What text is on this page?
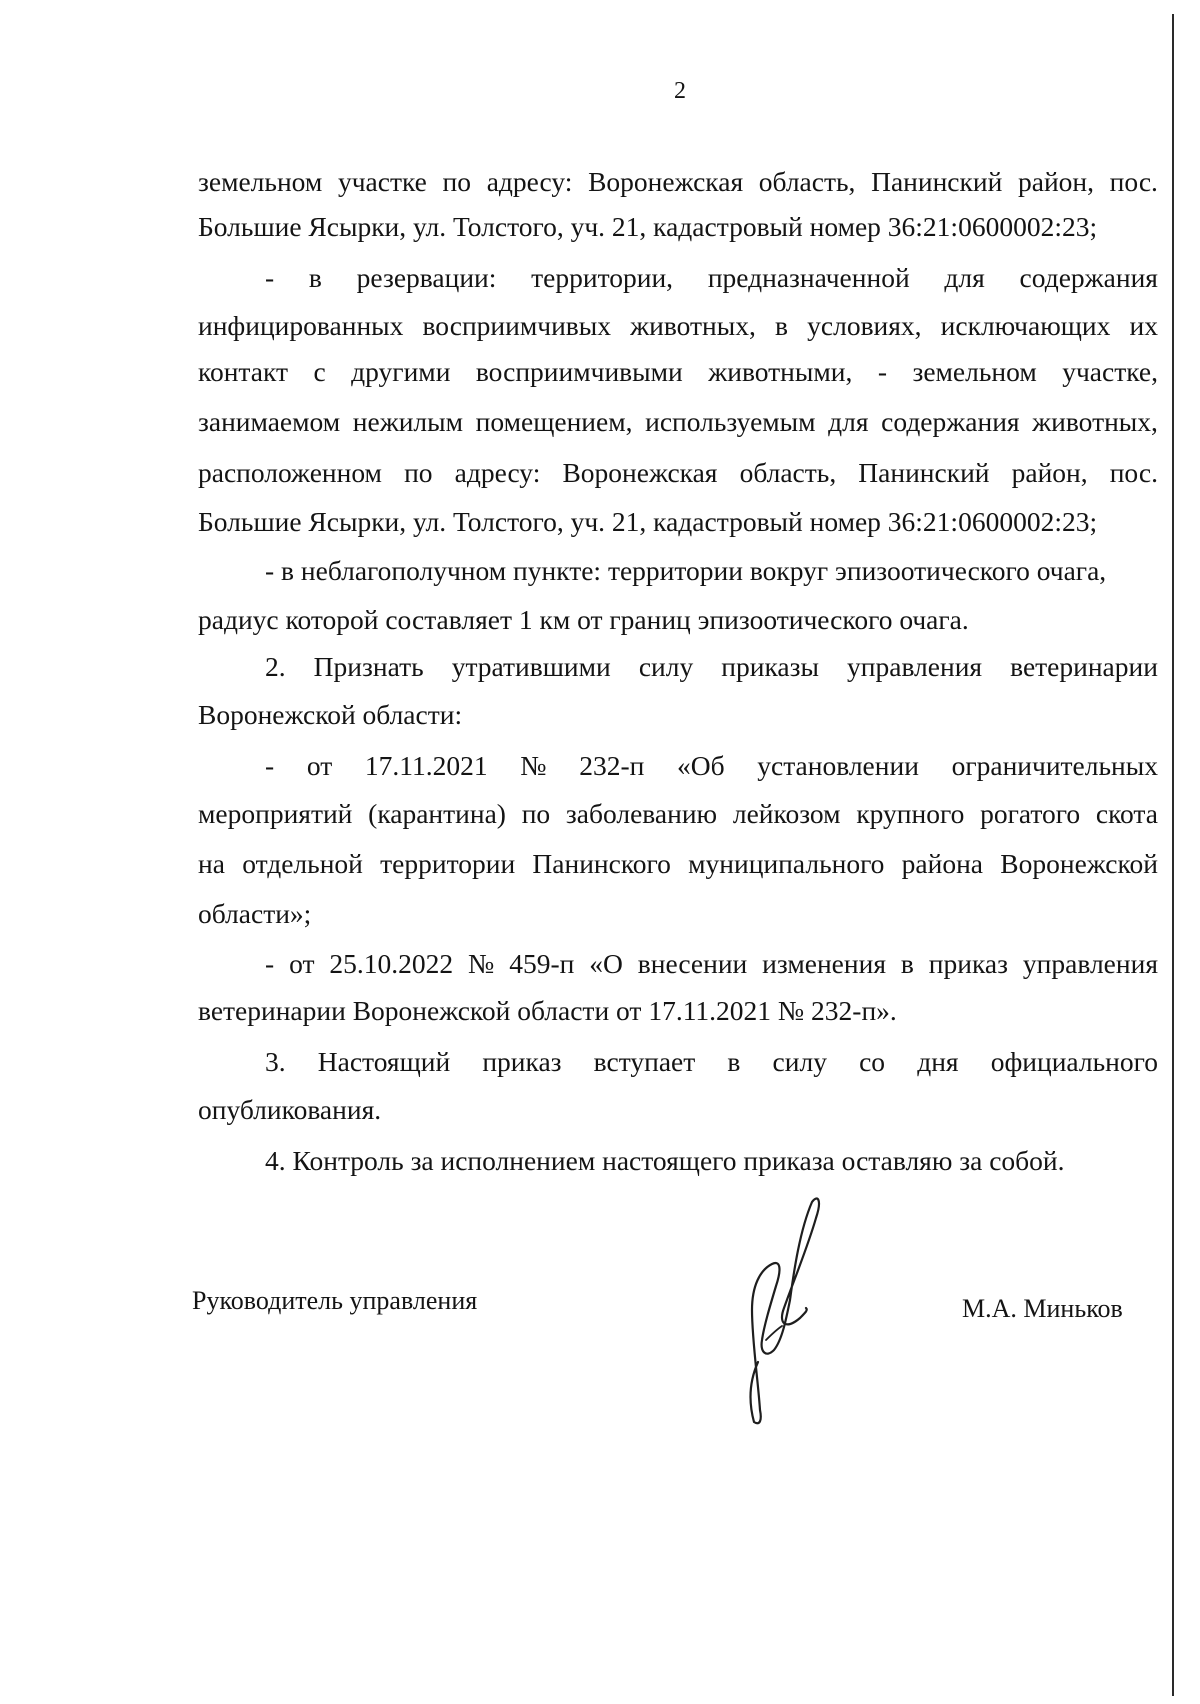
2
земельном участке по адресу: Воронежская область, Панинский район, пос.
Большие Ясырки, ул. Толстого, уч. 21, кадастровый номер 36:21:0600002:23;
- в резервации: территории, предназначенной для содержания
инфицированных восприимчивых животных, в условиях, исключающих их
контакт с другими восприимчивыми животными, - земельном участке,
занимаемом нежилым помещением, используемым для содержания животных,
расположенном по адресу: Воронежская область, Панинский район, пос.
Большие Ясырки, ул. Толстого, уч. 21, кадастровый номер 36:21:0600002:23;
- в неблагополучном пункте: территории вокруг эпизоотического очага,
радиус которой составляет 1 км от границ эпизоотического очага.
2. Признать утратившими силу приказы управления ветеринарии
Воронежской области:
- от 17.11.2021 № 232-п «Об установлении ограничительных
мероприятий (карантина) по заболеванию лейкозом крупного рогатого скота
на отдельной территории Панинского муниципального района Воронежской
области»;
- от 25.10.2022 № 459-п «О внесении изменения в приказ управления
ветеринарии Воронежской области от 17.11.2021 № 232-п».
3. Настоящий приказ вступает в силу со дня официального
опубликования.
4. Контроль за исполнением настоящего приказа оставляю за собой.
Руководитель управления	М.А. Миньков
